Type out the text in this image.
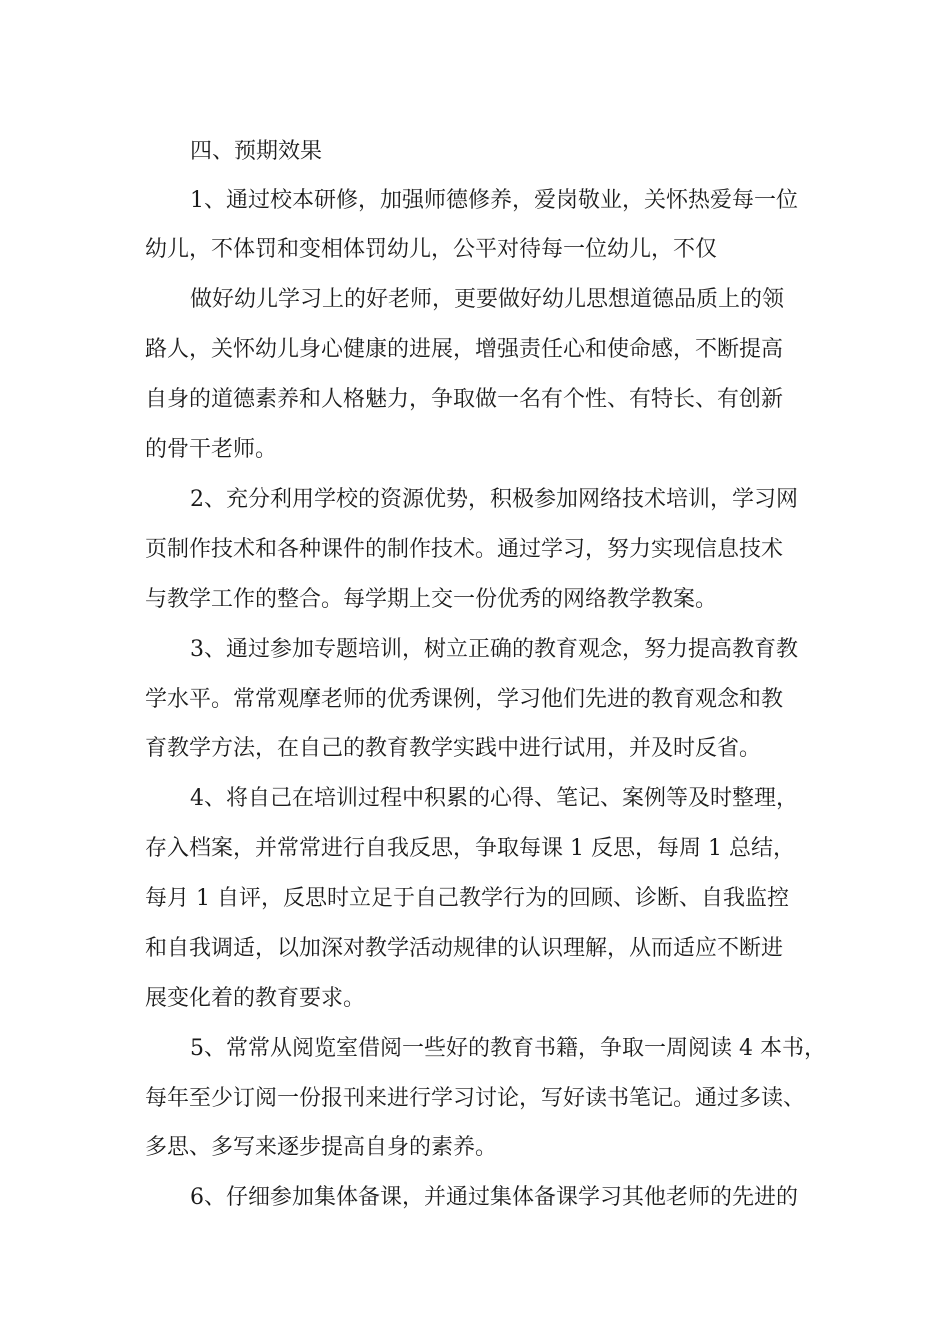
四、预期效果
1、通过校本研修，加强师德修养，爱岗敬业，关怀热爱每一位
幼儿，不体罚和变相体罚幼儿，公平对待每一位幼儿，不仅
做好幼儿学习上的好老师，更要做好幼儿思想道德品质上的领
路人，关怀幼儿身心健康的进展，增强责任心和使命感，不断提高
自身的道德素养和人格魅力，争取做一名有个性、有特长、有创新
的骨干老师。
2、充分利用学校的资源优势，积极参加网络技术培训，学习网
页制作技术和各种课件的制作技术。通过学习，努力实现信息技术
与教学工作的整合。每学期上交一份优秀的网络教学教案。
3、通过参加专题培训，树立正确的教育观念，努力提高教育教
学水平。常常观摩老师的优秀课例，学习他们先进的教育观念和教
育教学方法，在自己的教育教学实践中进行试用，并及时反省。
4、将自己在培训过程中积累的心得、笔记、案例等及时整理，
存入档案，并常常进行自我反思，争取每课 1 反思，每周 1 总结，
每月 1 自评，反思时立足于自己教学行为的回顾、诊断、自我监控
和自我调适，以加深对教学活动规律的认识理解，从而适应不断进
展变化着的教育要求。
5、常常从阅览室借阅一些好的教育书籍，争取一周阅读 4 本书，
每年至少订阅一份报刊来进行学习讨论，写好读书笔记。通过多读、
多思、多写来逐步提高自身的素养。
6、仔细参加集体备课，并通过集体备课学习其他老师的先进的
